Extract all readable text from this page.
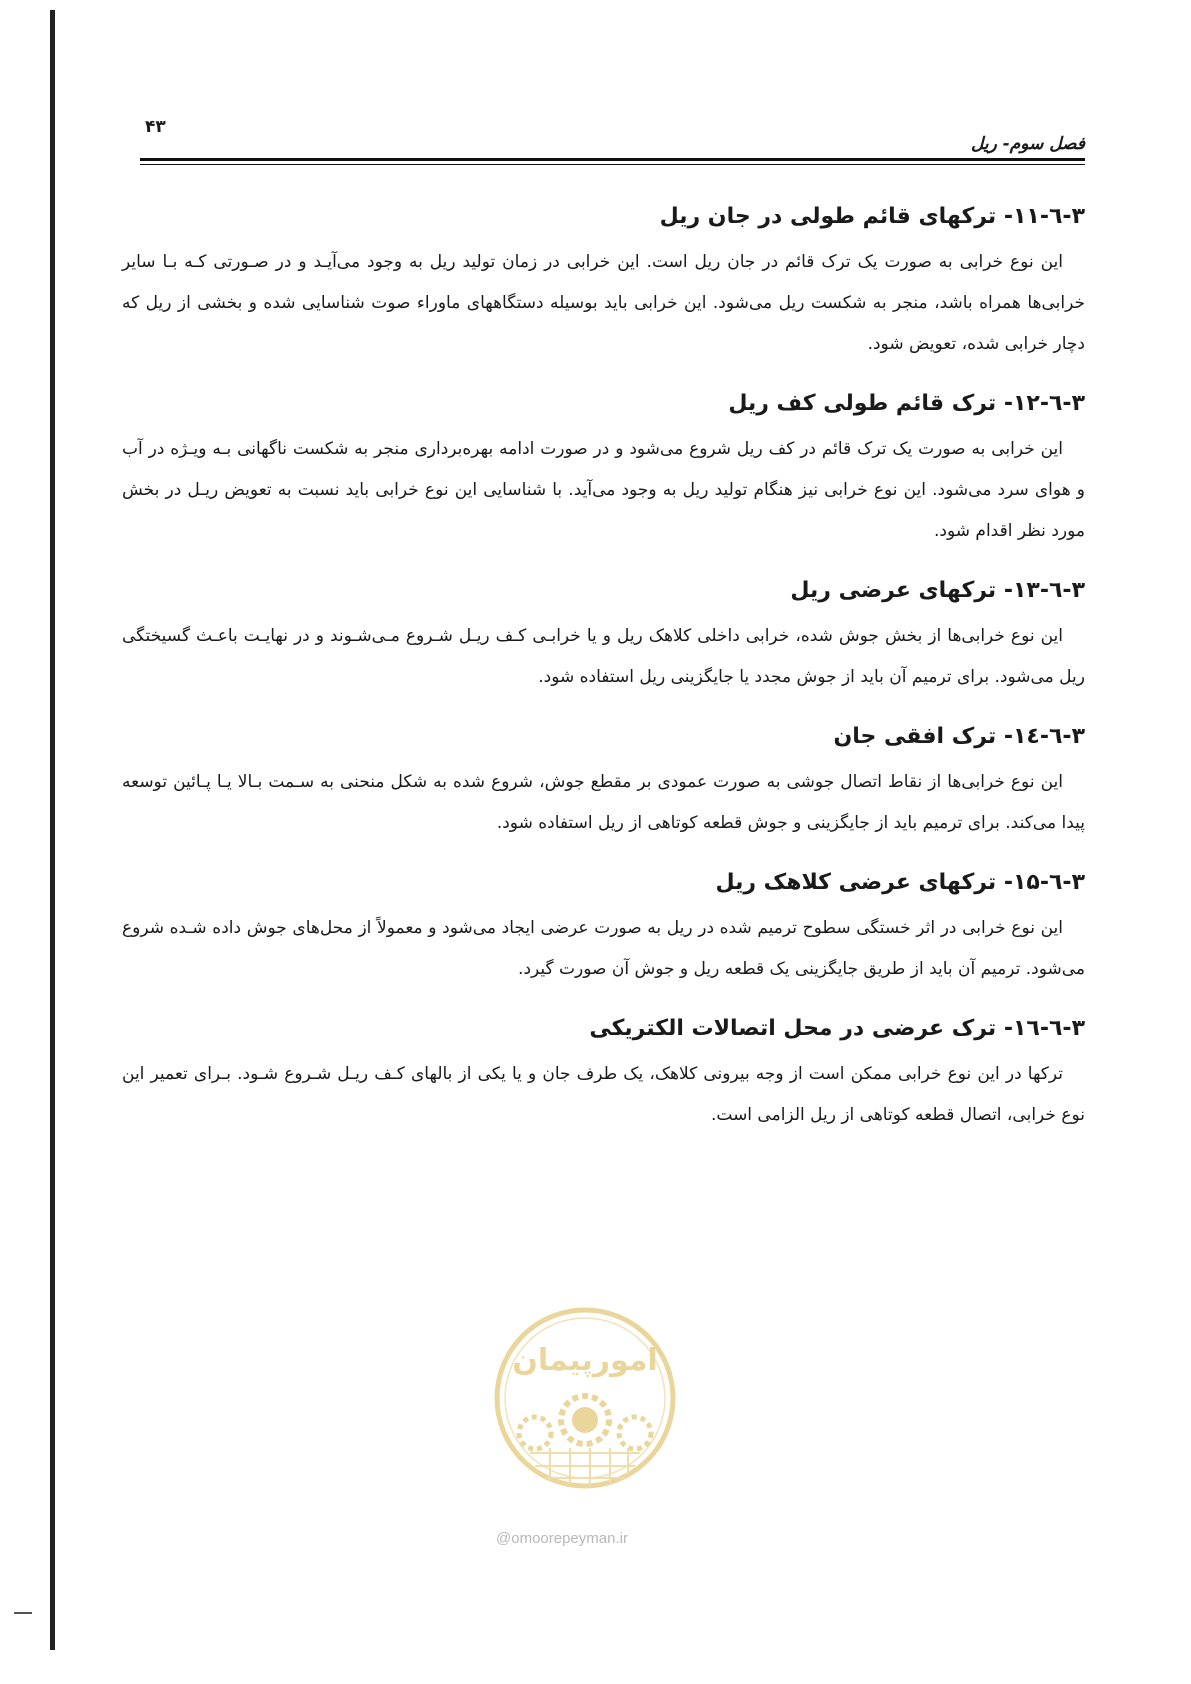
۴۳
فصل سوم- ریل
۳-٦-۱۱- ترکهای قائم طولی در جان ریل

این نوع خرابی به صورت یک ترک قائم در جان ریل است. این خرابی در زمان تولید ریل به وجود می‌آیـد و در صـورتی کـه بـا سایر خرابی‌ها همراه باشد، منجر به شکست ریل می‌شود. این خرابی باید بوسیله دستگاههای ماوراء صوت شناسایی شده و بخشی از ریل که دچار خرابی شده، تعویض شود.

۳-٦-۱۲- ترک قائم طولی کف ریل

این خرابی به صورت یک ترک قائم در کف ریل شروع می‌شود و در صورت ادامه بهره‌برداری منجر به شکست ناگهانی بـه ویـژه در آب و هوای سرد می‌شود. این نوع خرابی نیز هنگام تولید ریل به وجود می‌آید. با شناسایی این نوع خرابی باید نسبت به تعویض ریـل در بخش مورد نظر اقدام شود.

۳-٦-۱۳- ترکهای عرضی ریل

این نوع خرابی‌ها از بخش جوش شده، خرابی داخلی کلاهک ریل و یا خرابـی کـف ریـل شـروع مـی‌شـوند و در نهایـت باعـث گسیختگی ریل می‌شود. برای ترمیم آن باید از جوش مجدد یا جایگزینی ریل استفاده شود.

۳-٦-۱٤- ترک افقی جان

این نوع خرابی‌ها از نقاط اتصال جوشی به صورت عمودی بر مقطع جوش، شروع شده به شکل منحنی به سـمت بـالا یـا پـائین توسعه پیدا می‌کند. برای ترمیم باید از جایگزینی و جوش قطعه کوتاهی از ریل استفاده شود.

۳-٦-۱۵- ترکهای عرضی کلاهک ریل

این نوع خرابی در اثر خستگی سطوح ترمیم شده در ریل به صورت عرضی ایجاد می‌شود و معمولاً از محل‌های جوش داده شـده شروع می‌شود. ترمیم آن باید از طریق جایگزینی یک قطعه ریل و جوش آن صورت گیرد.

۳-٦-۱٦- ترک عرضی در محل اتصالات الکتریکی

ترکها در این نوع خرابی ممکن است از وجه بیرونی کلاهک، یک طرف جان و یا یکی از بالهای کـف ریـل شـروع شـود. بـرای تعمیر این نوع خرابی، اتصال قطعه کوتاهی از ریل الزامی است.

امورپیمان
@omoorepeyman.ir
